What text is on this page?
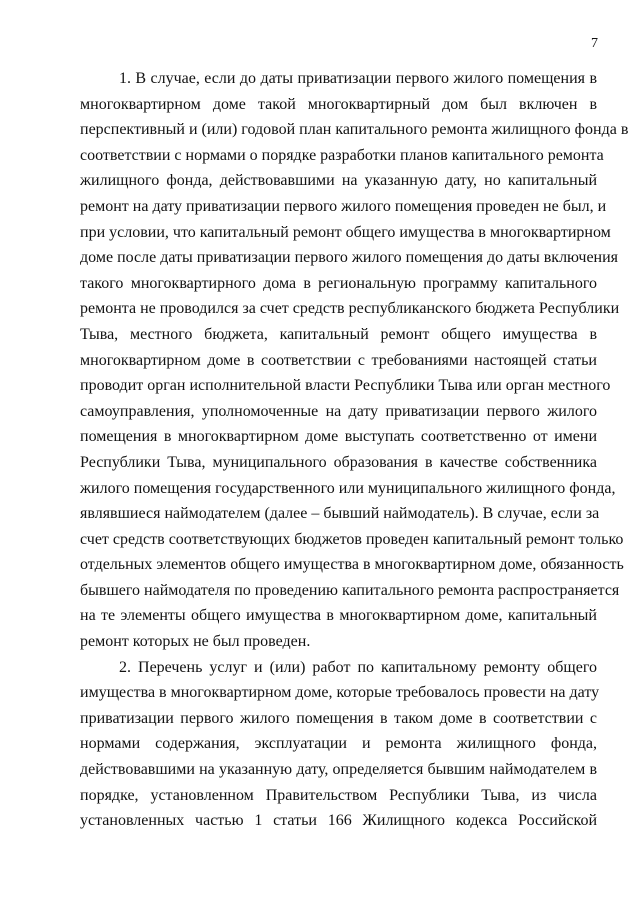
7
1. В случае, если до даты приватизации первого жилого помещения в
многоквартирном доме такой многоквартирный дом был включен в
перспективный и (или) годовой план капитального ремонта жилищного фонда в
соответствии с нормами о порядке разработки планов капитального ремонта
жилищного фонда, действовавшими на указанную дату, но капитальный
ремонт на дату приватизации первого жилого помещения проведен не был, и
при условии, что капитальный ремонт общего имущества в многоквартирном
доме после даты приватизации первого жилого помещения до даты включения
такого многоквартирного дома в региональную программу капитального
ремонта не проводился за счет средств республиканского бюджета Республики
Тыва, местного бюджета, капитальный ремонт общего имущества в
многоквартирном доме в соответствии с требованиями настоящей статьи
проводит орган исполнительной власти Республики Тыва или орган местного
самоуправления, уполномоченные на дату приватизации первого жилого
помещения в многоквартирном доме выступать соответственно от имени
Республики Тыва, муниципального образования в качестве собственника
жилого помещения государственного или муниципального жилищного фонда,
являвшиеся наймодателем (далее – бывший наймодатель). В случае, если за
счет средств соответствующих бюджетов проведен капитальный ремонт только
отдельных элементов общего имущества в многоквартирном доме, обязанность
бывшего наймодателя по проведению капитального ремонта распространяется
на те элементы общего имущества в многоквартирном доме, капитальный
ремонт которых не был проведен.
2. Перечень услуг и (или) работ по капитальному ремонту общего
имущества в многоквартирном доме, которые требовалось провести на дату
приватизации первого жилого помещения в таком доме в соответствии с
нормами содержания, эксплуатации и ремонта жилищного фонда,
действовавшими на указанную дату, определяется бывшим наймодателем в
порядке, установленном Правительством Республики Тыва, из числа
установленных частью 1 статьи 166 Жилищного кодекса Российской
